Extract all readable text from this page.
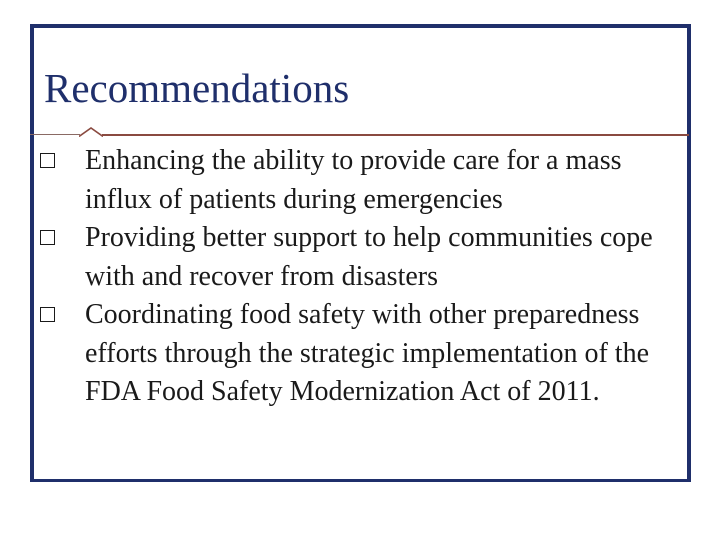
Recommendations
Enhancing the ability to provide care for a mass influx of patients during emergencies
Providing better support to help communities cope with and recover from disasters
Coordinating food safety with other preparedness efforts through the strategic implementation of the FDA Food Safety Modernization Act of 2011.
